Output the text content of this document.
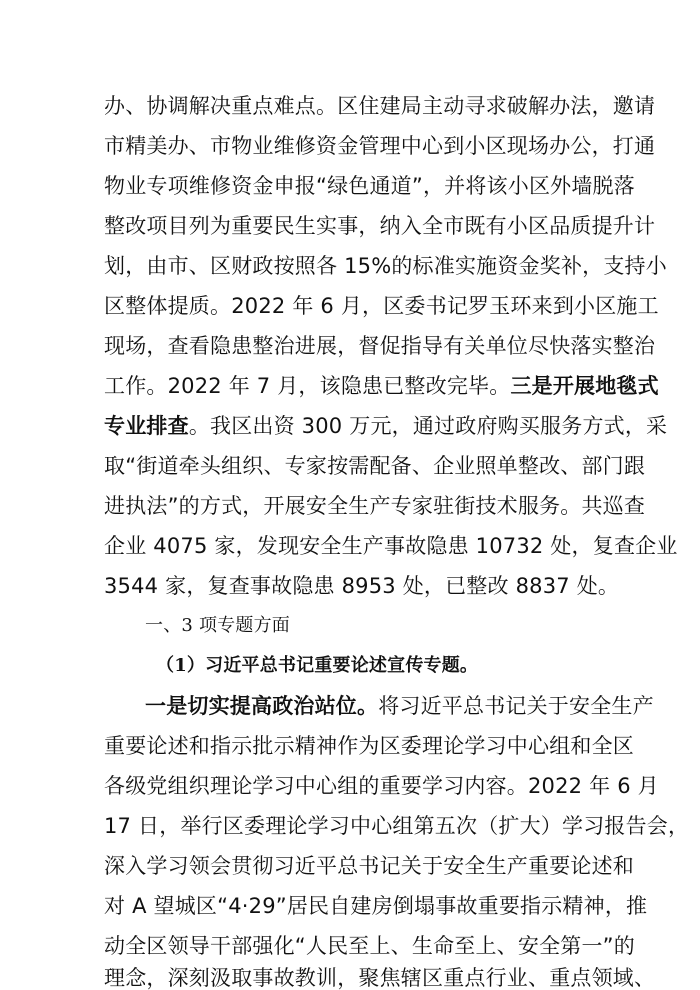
办、协调解决重点难点。区住建局主动寻求破解办法，邀请
市精美办、市物业维修资金管理中心到小区现场办公，打通
物业专项维修资金申报“绿色通道”，并将该小区外墙脱落
整改项目列为重要民生实事，纳入全市既有小区品质提升计
划，由市、区财政按照各 15%的标准实施资金奖补，支持小
区整体提质。2022 年 6 月，区委书记罗玉环来到小区施工
现场，查看隐患整治进展，督促指导有关单位尽快落实整治
工作。2022 年 7 月，该隐患已整改完毕。三是开展地毯式
专业排查。我区出资 300 万元，通过政府购买服务方式，采
取“街道牵头组织、专家按需配备、企业照单整改、部门跟
进执法”的方式，开展安全生产专家驻街技术服务。共巡查
企业 4075 家，发现安全生产事故隐患 10732 处，复查企业
3544 家，复查事故隐患 8953 处，已整改 8837 处。
一、3 项专题方面
（1）习近平总书记重要论述宣传专题。
一是切实提高政治站位。将习近平总书记关于安全生产
重要论述和指示批示精神作为区委理论学习中心组和全区
各级党组织理论学习中心组的重要学习内容。2022 年 6 月
17 日，举行区委理论学习中心组第五次（扩大）学习报告会，
深入学习领会贯彻习近平总书记关于安全生产重要论述和
对 A 望城区“4·29”居民自建房倒塌事故重要指示精神，推
动全区领导干部强化“人民至上、生命至上、安全第一”的
理念，深刻汲取事故教训，聚焦辖区重点行业、重点领域、
